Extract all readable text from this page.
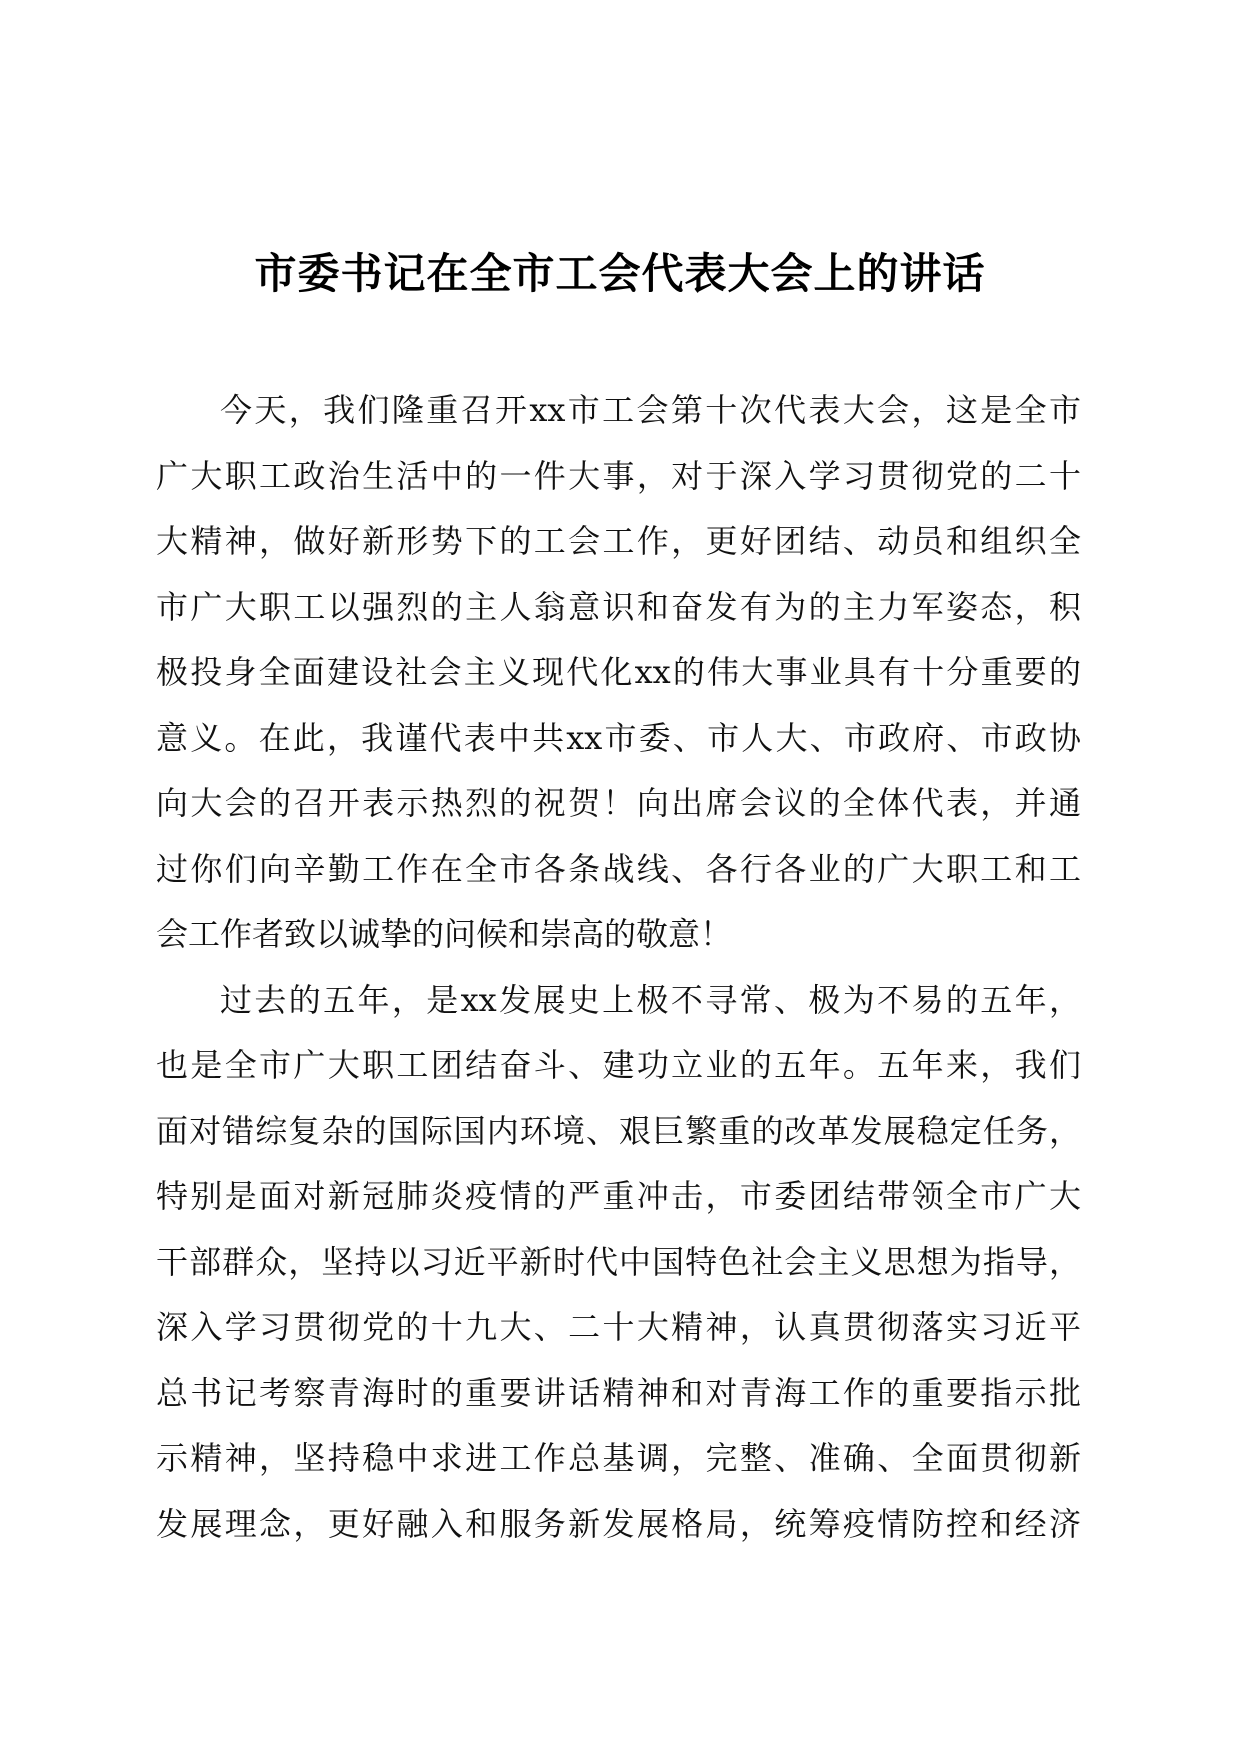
市委书记在全市工会代表大会上的讲话
今天，我们隆重召开xx市工会第十次代表大会，这是全市
广大职工政治生活中的一件大事，对于深入学习贯彻党的二十
大精神，做好新形势下的工会工作，更好团结、动员和组织全
市广大职工以强烈的主人翁意识和奋发有为的主力军姿态，积
极投身全面建设社会主义现代化xx的伟大事业具有十分重要的
意义。在此，我谨代表中共xx市委、市人大、市政府、市政协
向大会的召开表示热烈的祝贺！向出席会议的全体代表，并通
过你们向辛勤工作在全市各条战线、各行各业的广大职工和工
会工作者致以诚挚的问候和崇高的敬意！
过去的五年，是xx发展史上极不寻常、极为不易的五年，
也是全市广大职工团结奋斗、建功立业的五年。五年来，我们
面对错综复杂的国际国内环境、艰巨繁重的改革发展稳定任务，
特别是面对新冠肺炎疫情的严重冲击，市委团结带领全市广大
干部群众，坚持以习近平新时代中国特色社会主义思想为指导，
深入学习贯彻党的十九大、二十大精神，认真贯彻落实习近平
总书记考察青海时的重要讲话精神和对青海工作的重要指示批
示精神，坚持稳中求进工作总基调，完整、准确、全面贯彻新
发展理念，更好融入和服务新发展格局，统筹疫情防控和经济
